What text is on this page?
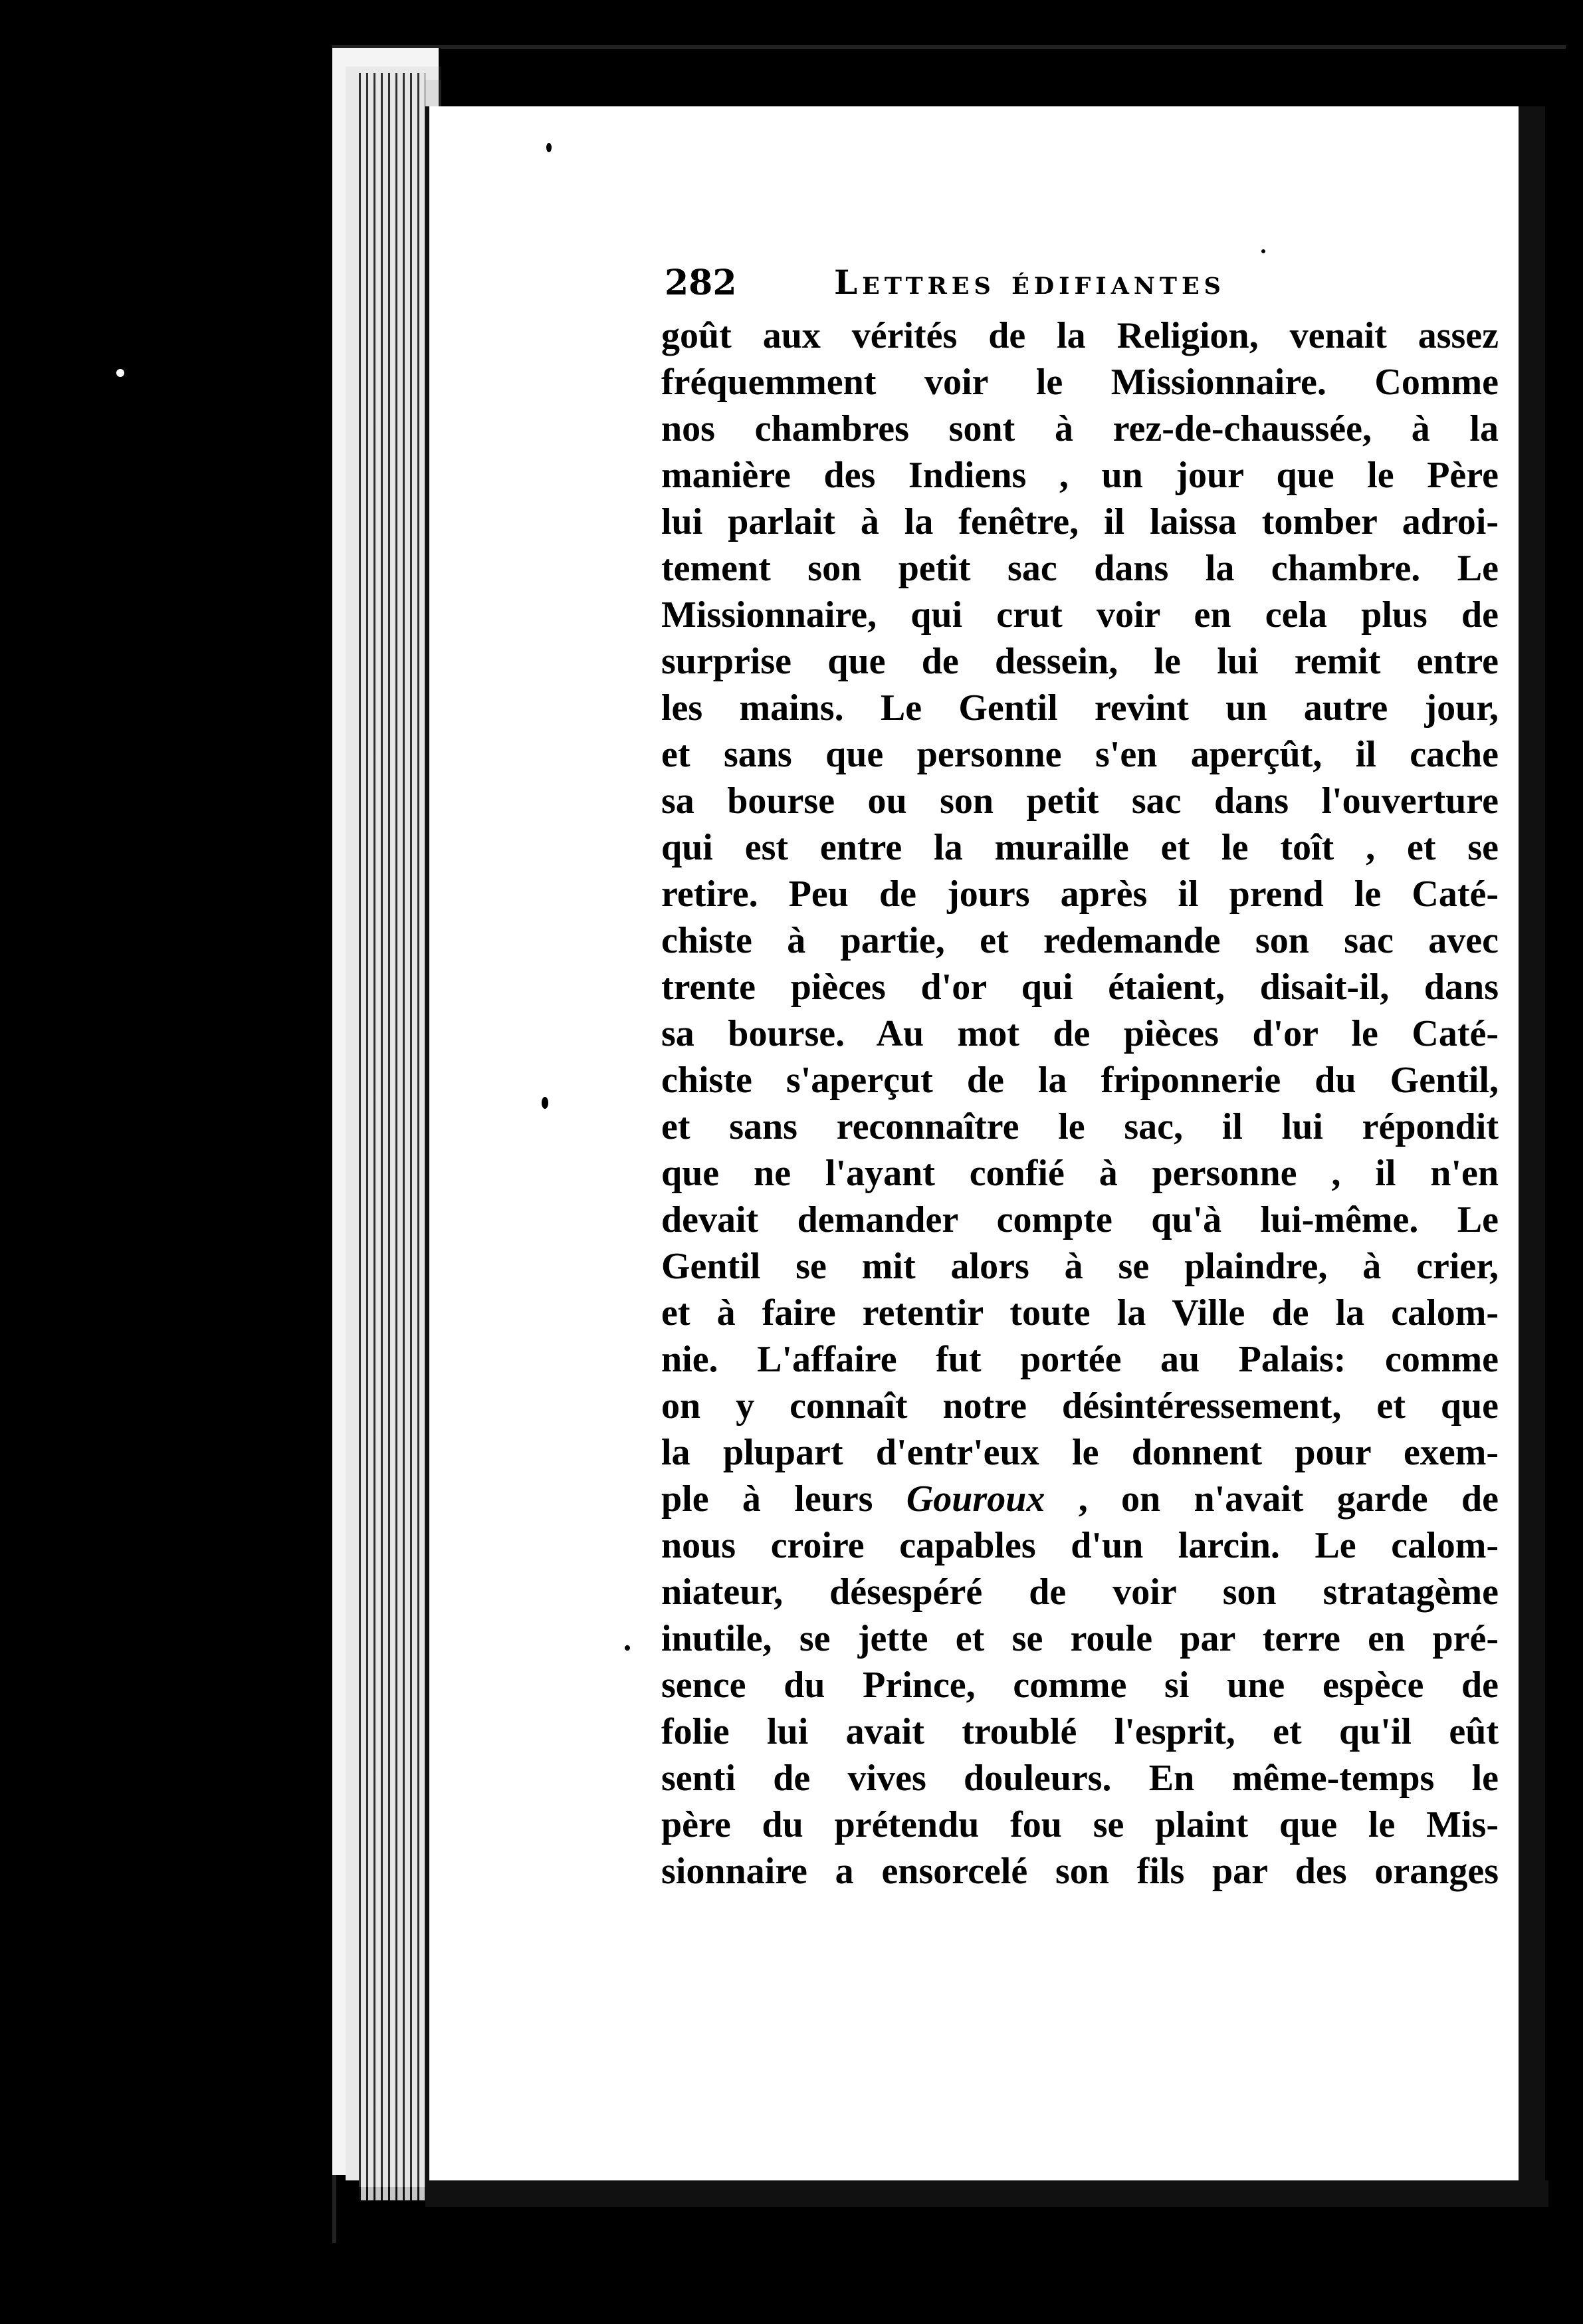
282	Lettres édifiantes
goût aux vérités de la Religion, venait assez
fréquemment voir le Missionnaire. Comme
nos chambres sont à rez-de-chaussée, à la
manière des Indiens , un jour que le Père
lui parlait à la fenêtre, il laissa tomber adroi-
tement son petit sac dans la chambre. Le
Missionnaire, qui crut voir en cela plus de
surprise que de dessein, le lui remit entre
les mains. Le Gentil revint un autre jour,
et sans que personne s'en aperçût, il cache
sa bourse ou son petit sac dans l'ouverture
qui est entre la muraille et le toît , et se
retire. Peu de jours après il prend le Caté-
chiste à partie, et redemande son sac avec
trente pièces d'or qui étaient, disait-il, dans
sa bourse. Au mot de pièces d'or le Caté-
chiste s'aperçut de la friponnerie du Gentil,
et sans reconnaître le sac, il lui répondit
que ne l'ayant confié à personne , il n'en
devait demander compte qu'à lui-même. Le
Gentil se mit alors à se plaindre, à crier,
et à faire retentir toute la Ville de la calom-
nie. L'affaire fut portée au Palais: comme
on y connaît notre désintéressement, et que
la plupart d'entr'eux le donnent pour exem-
ple à leurs Gouroux , on n'avait garde de
nous croire capables d'un larcin. Le calom-
niateur, désespéré de voir son stratagème
inutile, se jette et se roule par terre en pré-
sence du Prince, comme si une espèce de
folie lui avait troublé l'esprit, et qu'il eût
senti de vives douleurs. En même-temps le
père du prétendu fou se plaint que le Mis-
sionnaire a ensorcelé son fils par des oranges
